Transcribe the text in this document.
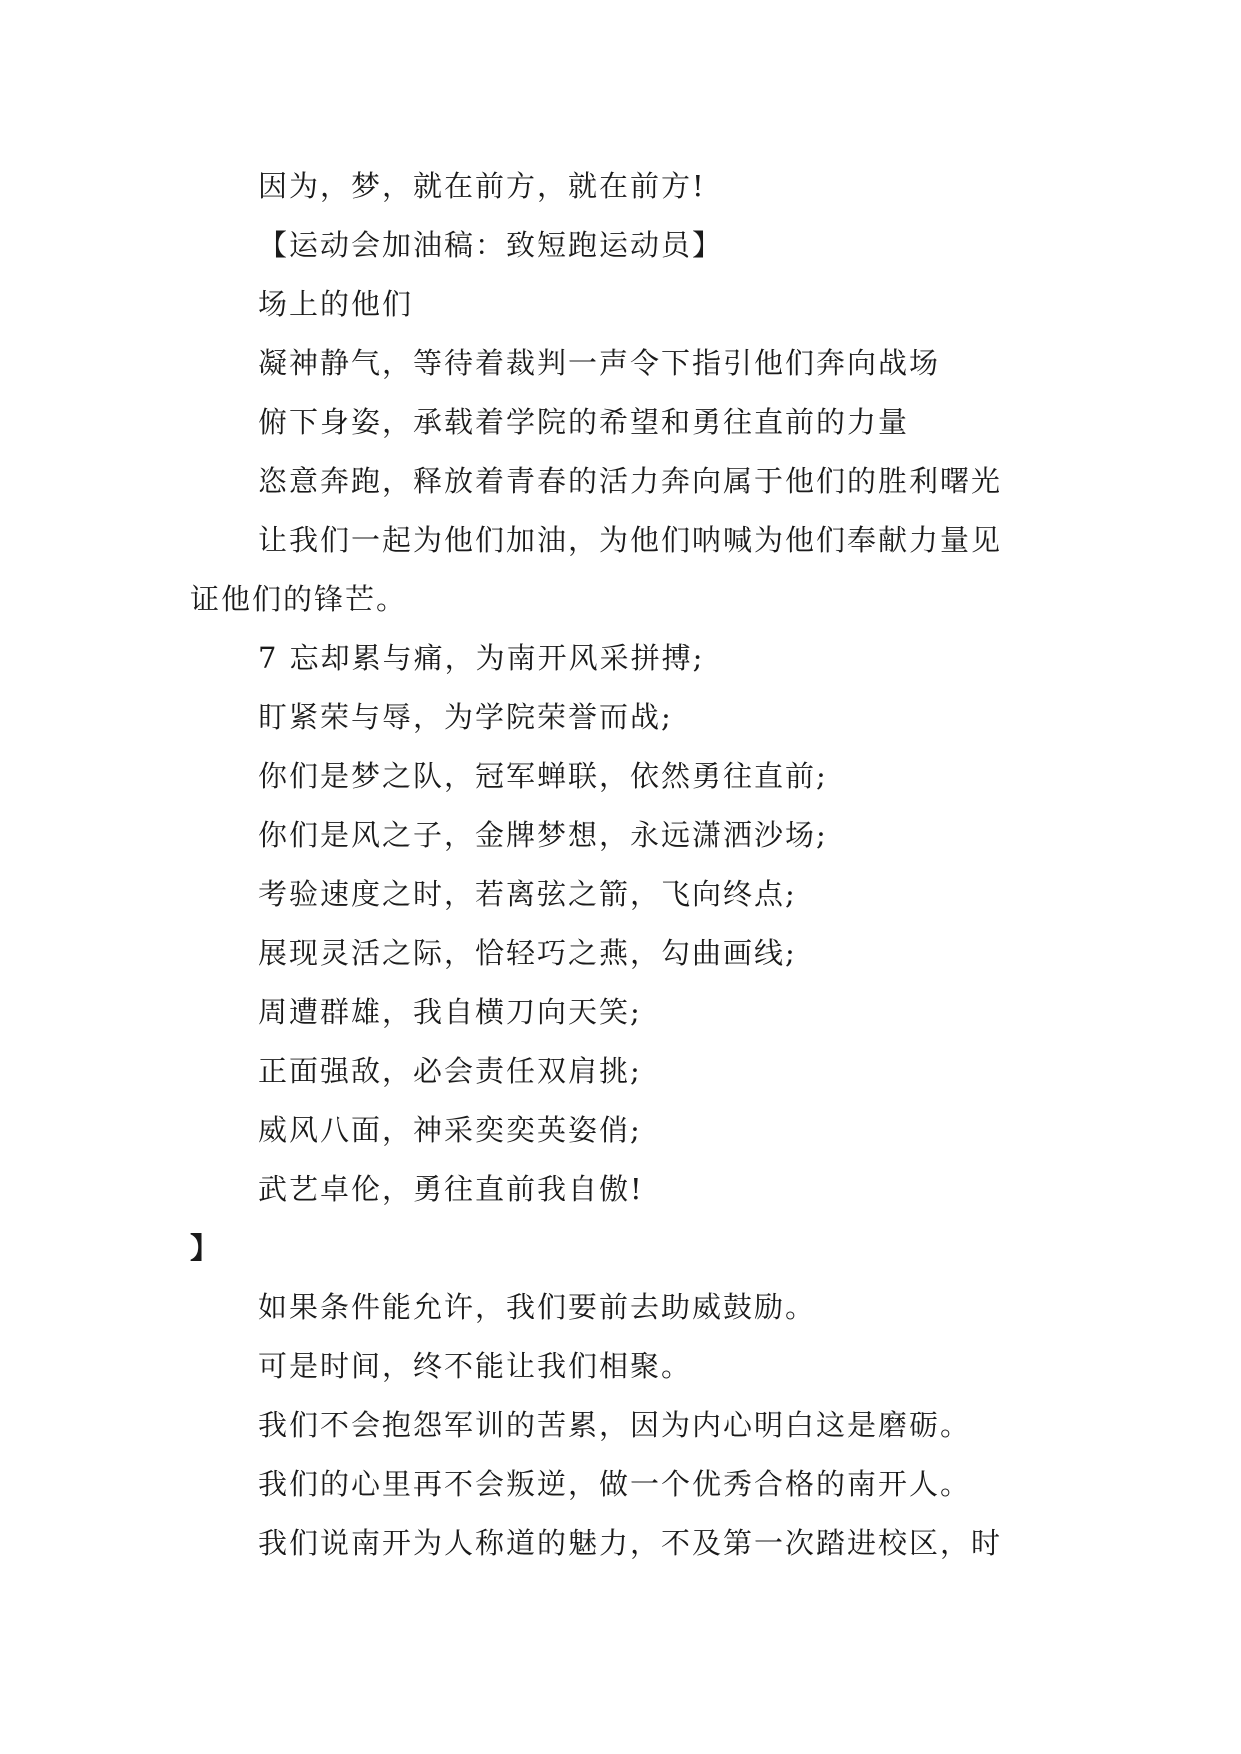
因为，梦，就在前方，就在前方!
【运动会加油稿：致短跑运动员】
场上的他们
凝神静气，等待着裁判一声令下指引他们奔向战场
俯下身姿，承载着学院的希望和勇往直前的力量
恣意奔跑，释放着青春的活力奔向属于他们的胜利曙光
让我们一起为他们加油，为他们呐喊为他们奉献力量见
证他们的锋芒。
7 忘却累与痛，为南开风采拼搏;
盯紧荣与辱，为学院荣誉而战;
你们是梦之队，冠军蝉联，依然勇往直前;
你们是风之子，金牌梦想，永远潇洒沙场;
考验速度之时，若离弦之箭，飞向终点;
展现灵活之际，恰轻巧之燕，勾曲画线;
周遭群雄，我自横刀向天笑;
正面强敌，必会责任双肩挑;
威风八面，神采奕奕英姿俏;
武艺卓伦，勇往直前我自傲!
】
如果条件能允许，我们要前去助威鼓励。
可是时间，终不能让我们相聚。
我们不会抱怨军训的苦累，因为内心明白这是磨砺。
我们的心里再不会叛逆，做一个优秀合格的南开人。
我们说南开为人称道的魅力，不及第一次踏进校区，时
